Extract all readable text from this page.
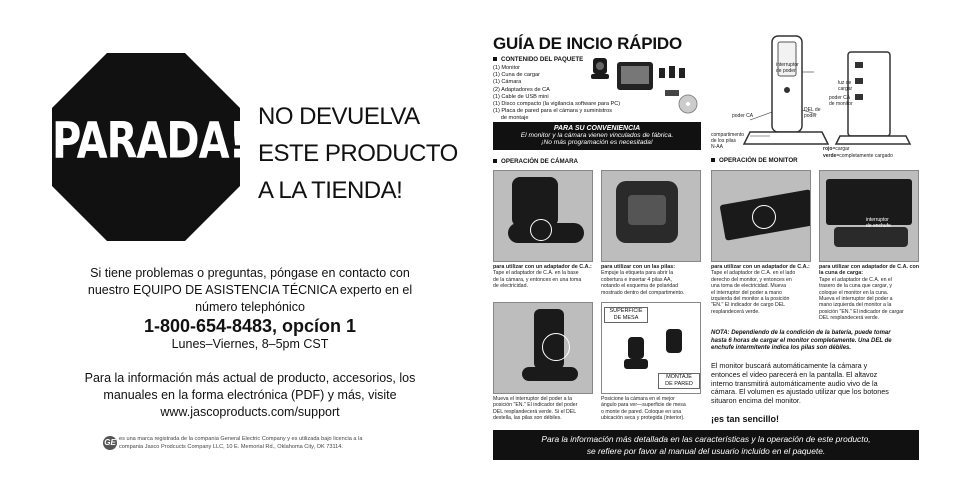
PARADA! NO DEVUELVA
ESTE PRODUCTO
A LA TIENDA!
Si tiene problemas o preguntas, póngase en contacto con
nuestro EQUIPO DE ASISTENCIA TÉCNICA experto en el
número telephónico
1-800-654-8483, opcíon 1
Lunes–Viernes, 8–5pm CST
Para la información más actual de producto, accesorios, los
manuales en la forma electrónica (PDF) y más, visite
www.jascoproducts.com/support
GE es una marca registrada de la compania General Electric Company y es utilizada bajo licencia a la
compania Jasco Prodcucts Company LLC, 10 E. Memorial Rd., Oklahoma City, OK 73114.
GUÍA DE INCIO RÁPIDO
CONTENIDO DEL PAQUETE
(1) Monitor
(1) Cuna de cargar
(1) Cámara
(2) Adaptadores de CA
(1) Cable de USB mini
(1) Disco compacto (la vigilancia software para PC)
(1) Placa de pared para el cámara y suministros
de montaje
interruptor
de poder
luz de
cargar
poder CA
de monitor
poder CA
DEL de
poder
compartimento
de los pilas
N-AA	rojo=cargar
verde=completamente cargado
PARA SU CONVENIENCIA
El monitor y la cámara vienen vinculados de fábrica.
¡No más programación es necesitada!
OPERACIÓN DE CÁMARA	OPERACIÓN DE MONITOR
para utilizar con un adaptador de C.A.:
Tape el adaptador de C.A. en la base
de la cámara, y entonces en una toma
de electricidad.
para utilizar con un las pilas:
Empuje la etiqueta para abrir la
cobertura e insertar 4 pilas AA,
notando el esquema de polaridad
mostrado dentro del compartimento.
interruptor
de enchufe
para utilizar con un adaptador de C.A.:
Tape el adaptador de C.A. en el lado
derecho del monitor, y entonces en
una toma de electricidad. Mueva
el interruptor del poder a mano
izquierda del monitor a la posición
"EN." El indicador de cargo DEL
resplandecerá verde.
para utilizar con adaptador de C.A. con la cuna de carga:
Tape el adaptador de C.A. en el
trasero de la cuna que cargar, y
coloque el monitor en la cuna.
Mueva el interruptor del poder a
mano izquierda del monitor a la
posición "EN." El indicador de cargar
DEL resplandecerá verde.
SUPERFICIE
DE MESA
MONTAJE
DE PARED
Mueva el interruptor del poder a la
posición "EN." El indicador del poder
DEL resplandecerá verde. Si el DEL
destella, las pilas son débiles.
Posicione la cámara en el mejor
ángulo para ver—superficie de mesa
o monte de pared. Coloque en una
ubicación seca y protegida (interior).
NOTA: Dependiendo de la condición de la batería, puede tomar
hasta 6 horas de cargar el monitor completamente. Una DEL de
enchufe intermitente indica los pilas son débiles.
El monitor buscará automáticamente la cámara y
entonces el video parecerá en la pantalla. El altavoz
interno transmitirá automáticamente audio vivo de la
cámara. El volumen es ajustado utilizar que los botones
situaron encima del monitor.
¡es tan sencillo!
Para la información más detallada en las características y la operación de este producto,
se refiere por favor al manual del usuario incluido en el paquete.
